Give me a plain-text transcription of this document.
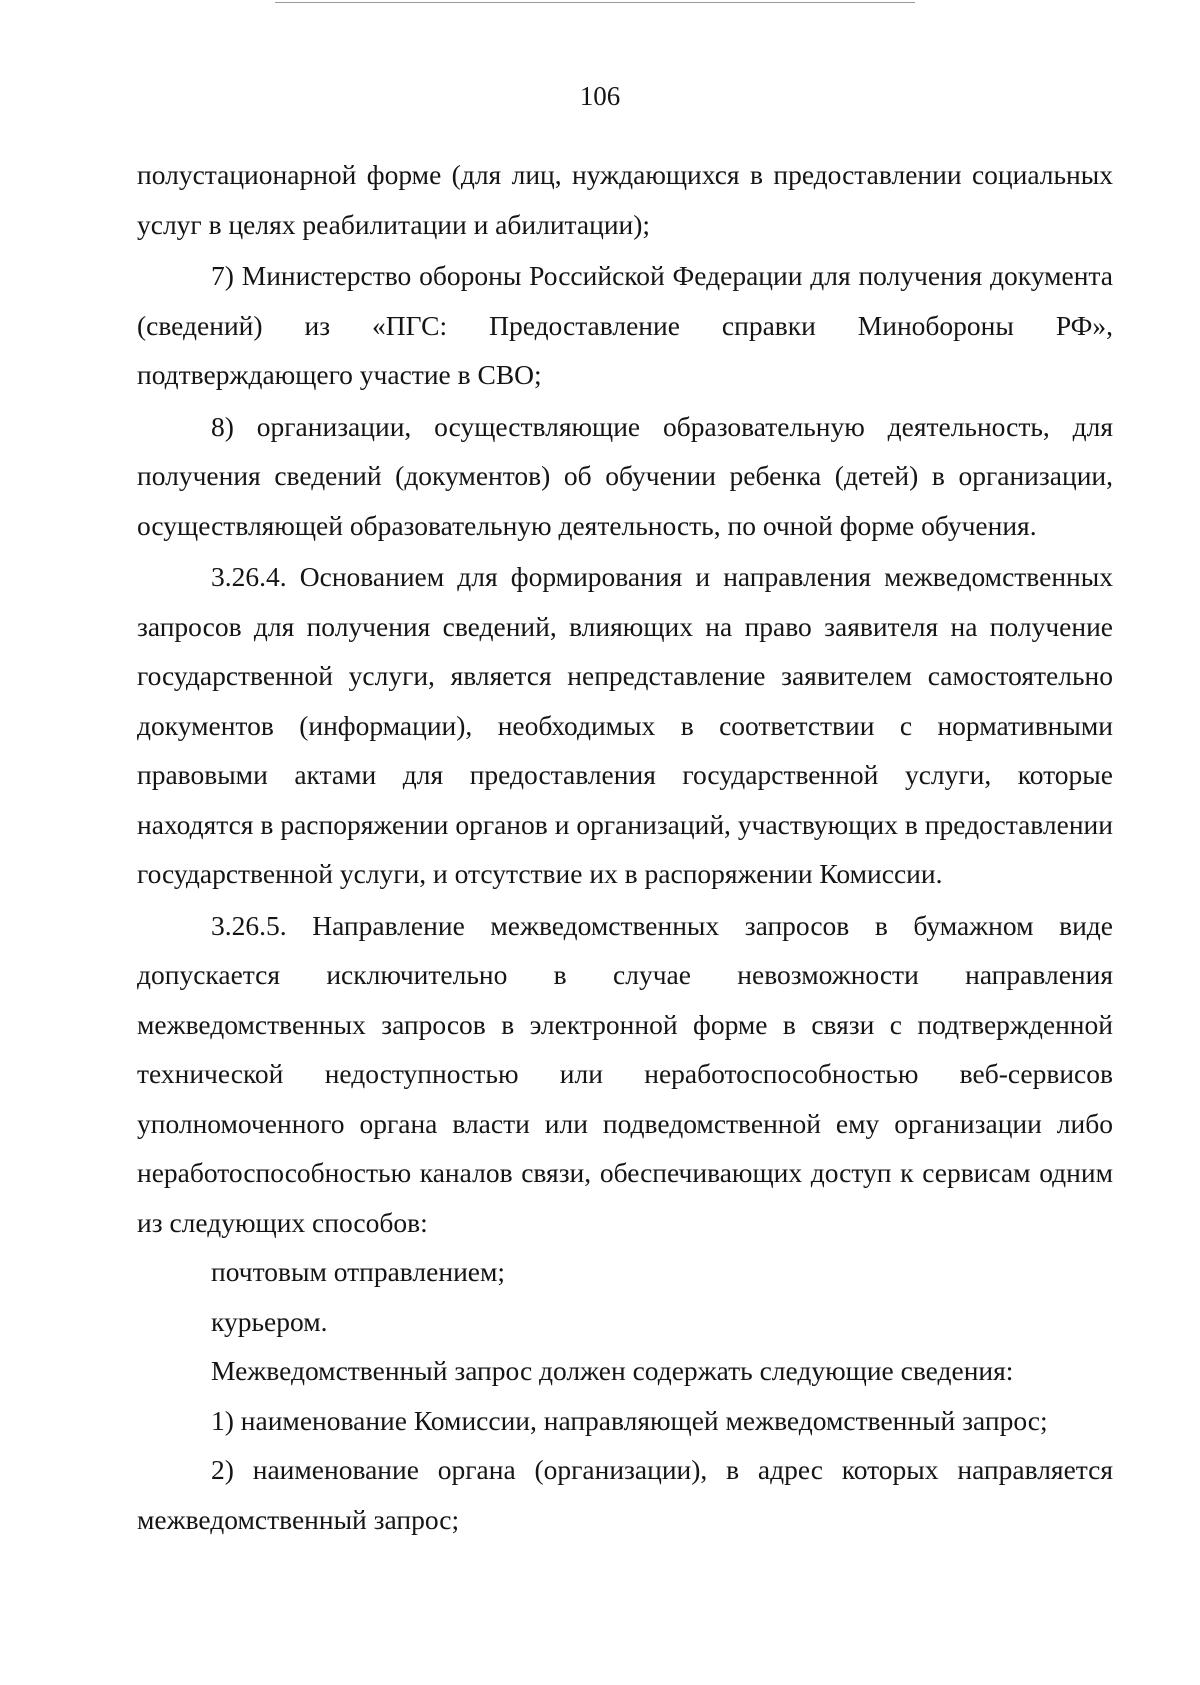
106

полустационарной форме (для лиц, нуждающихся в предоставлении социальных услуг в целях реабилитации и абилитации);

7) Министерство обороны Российской Федерации для получения документа (сведений) из «ПГС: Предоставление справки Минобороны РФ», подтверждающего участие в СВО;

8) организации, осуществляющие образовательную деятельность, для получения сведений (документов) об обучении ребенка (детей) в организации, осуществляющей образовательную деятельность, по очной форме обучения.

3.26.4. Основанием для формирования и направления межведомственных запросов для получения сведений, влияющих на право заявителя на получение государственной услуги, является непредставление заявителем самостоятельно документов (информации), необходимых в соответствии с нормативными правовыми актами для предоставления государственной услуги, которые находятся в распоряжении органов и организаций, участвующих в предоставлении государственной услуги, и отсутствие их в распоряжении Комиссии.

3.26.5. Направление межведомственных запросов в бумажном виде допускается исключительно в случае невозможности направления межведомственных запросов в электронной форме в связи с подтвержденной технической недоступностью или неработоспособностью веб-сервисов уполномоченного органа власти или подведомственной ему организации либо неработоспособностью каналов связи, обеспечивающих доступ к сервисам одним из следующих способов:

почтовым отправлением;

курьером.

Межведомственный запрос должен содержать следующие сведения:

1) наименование Комиссии, направляющей межведомственный запрос;

2) наименование органа (организации), в адрес которых направляется межведомственный запрос;
